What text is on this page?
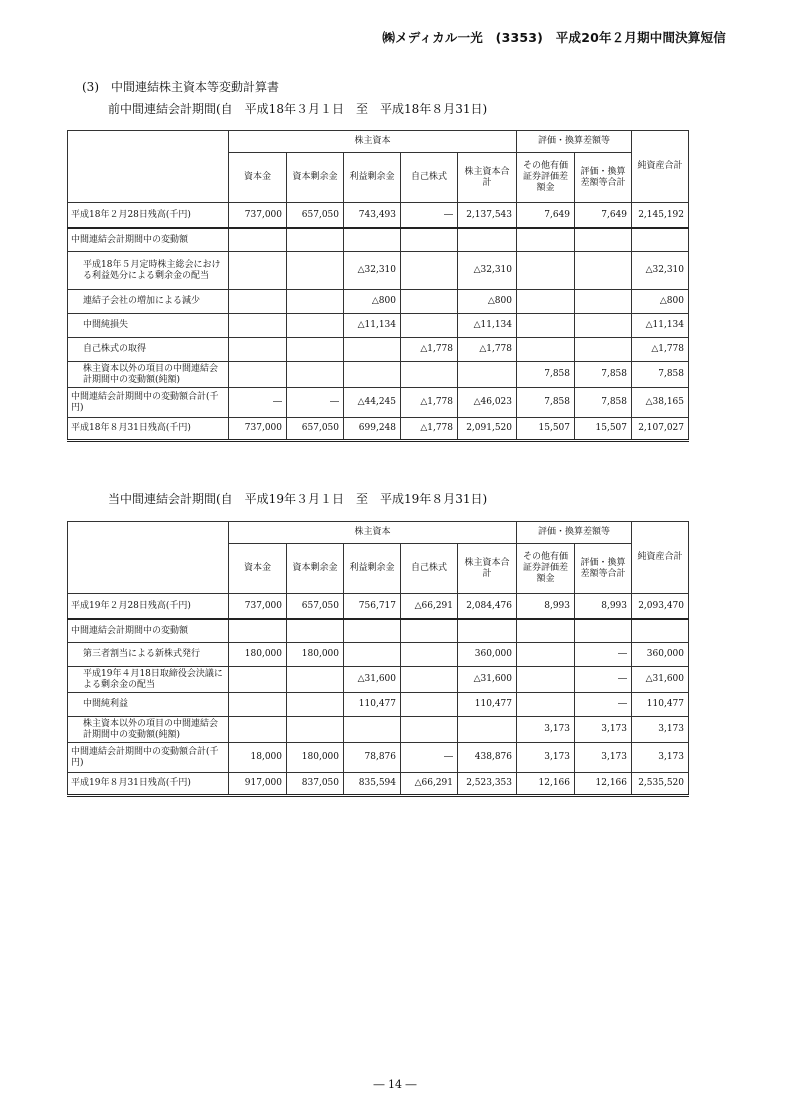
㈱メディカル一光　(3353)　平成20年２月期中間決算短信
(3)　中間連結株主資本等変動計算書
前中間連結会計期間(自　平成18年３月１日　至　平成18年８月31日)
当中間連結会計期間(自　平成19年３月１日　至　平成19年８月31日)
	株主資本					評価・換算差額等		純資産合計
	資本金	資本剰余金	利益剰余金	自己株式	株主資本合計	その他有価証券評価差額金	評価・換算差額等合計	
平成18年２月28日残高(千円)	737,000	657,050	743,493	―	2,137,543	7,649	7,649	2,145,192
中間連結会計期間中の変動額								
平成18年５月定時株主総会における利益処分による剰余金の配当			△32,310		△32,310			△32,310
連結子会社の増加による減少			△800		△800			△800
中間純損失			△11,134		△11,134			△11,134
自己株式の取得				△1,778	△1,778			△1,778
株主資本以外の項目の中間連結会計期間中の変動額(純額)						7,858	7,858	7,858
中間連結会計期間中の変動額合計(千円)	―	―	△44,245	△1,778	△46,023	7,858	7,858	△38,165
平成18年８月31日残高(千円)	737,000	657,050	699,248	△1,778	2,091,520	15,507	15,507	2,107,027
	株主資本					評価・換算差額等		純資産合計
	資本金	資本剰余金	利益剰余金	自己株式	株主資本合計	その他有価証券評価差額金	評価・換算差額等合計	
平成19年２月28日残高(千円)	737,000	657,050	756,717	△66,291	2,084,476	8,993	8,993	2,093,470
中間連結会計期間中の変動額								
第三者割当による新株式発行	180,000	180,000			360,000		―	360,000
平成19年４月18日取締役会決議による剰余金の配当			△31,600		△31,600		―	△31,600
中間純利益			110,477		110,477		―	110,477
株主資本以外の項目の中間連結会計期間中の変動額(純額)						3,173	3,173	3,173
中間連結会計期間中の変動額合計(千円)	18,000	180,000	78,876	―	438,876	3,173	3,173	3,173
平成19年８月31日残高(千円)	917,000	837,050	835,594	△66,291	2,523,353	12,166	12,166	2,535,520
― 14 ―
